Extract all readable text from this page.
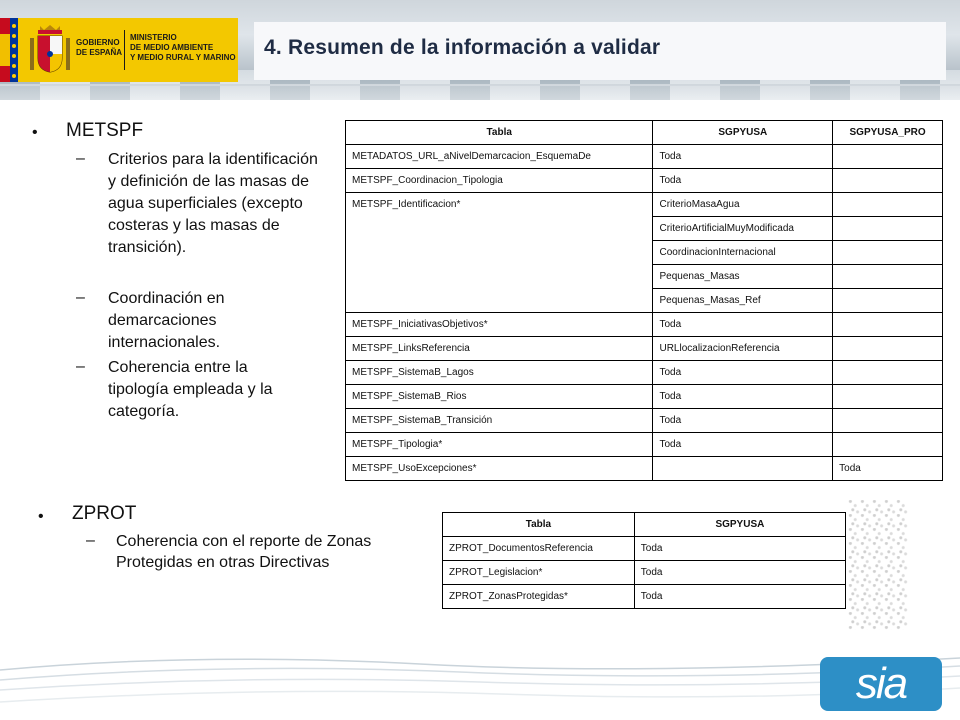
GOBIERNO
DE ESPAÑA
MINISTERIO
DE MEDIO AMBIENTE
Y MEDIO RURAL Y MARINO 4. Resumen de la información a validar
• METSPF
– Criterios para la identificación y definición de las masas de agua superficiales (excepto costeras y las masas de transición).
– Coordinación en demarcaciones internacionales.
– Coherencia entre la tipología empleada y la categoría.
Tabla	SGPYUSA	SGPYUSA_PRO
METADATOS_URL_aNivelDemarcacion_EsquemaDe	Toda	
METSPF_Coordinacion_Tipologia	Toda	
METSPF_Identificacion*	CriterioMasaAgua	
	CriterioArtificialMuyModificada	
	CoordinacionInternacional	
	Pequenas_Masas	
	Pequenas_Masas_Ref	
METSPF_IniciativasObjetivos*	Toda	
METSPF_LinksReferencia	URLlocalizacionReferencia	
METSPF_SistemaB_Lagos	Toda	
METSPF_SistemaB_Rios	Toda	
METSPF_SistemaB_Transición	Toda	
METSPF_Tipologia*	Toda	
METSPF_UsoExcepciones*		Toda
• ZPROT
– Coherencia con el reporte de Zonas Protegidas en otras Directivas
Tabla	SGPYUSA
ZPROT_DocumentosReferencia	Toda
ZPROT_Legislacion*	Toda
ZPROT_ZonasProtegidas*	Toda
sia
